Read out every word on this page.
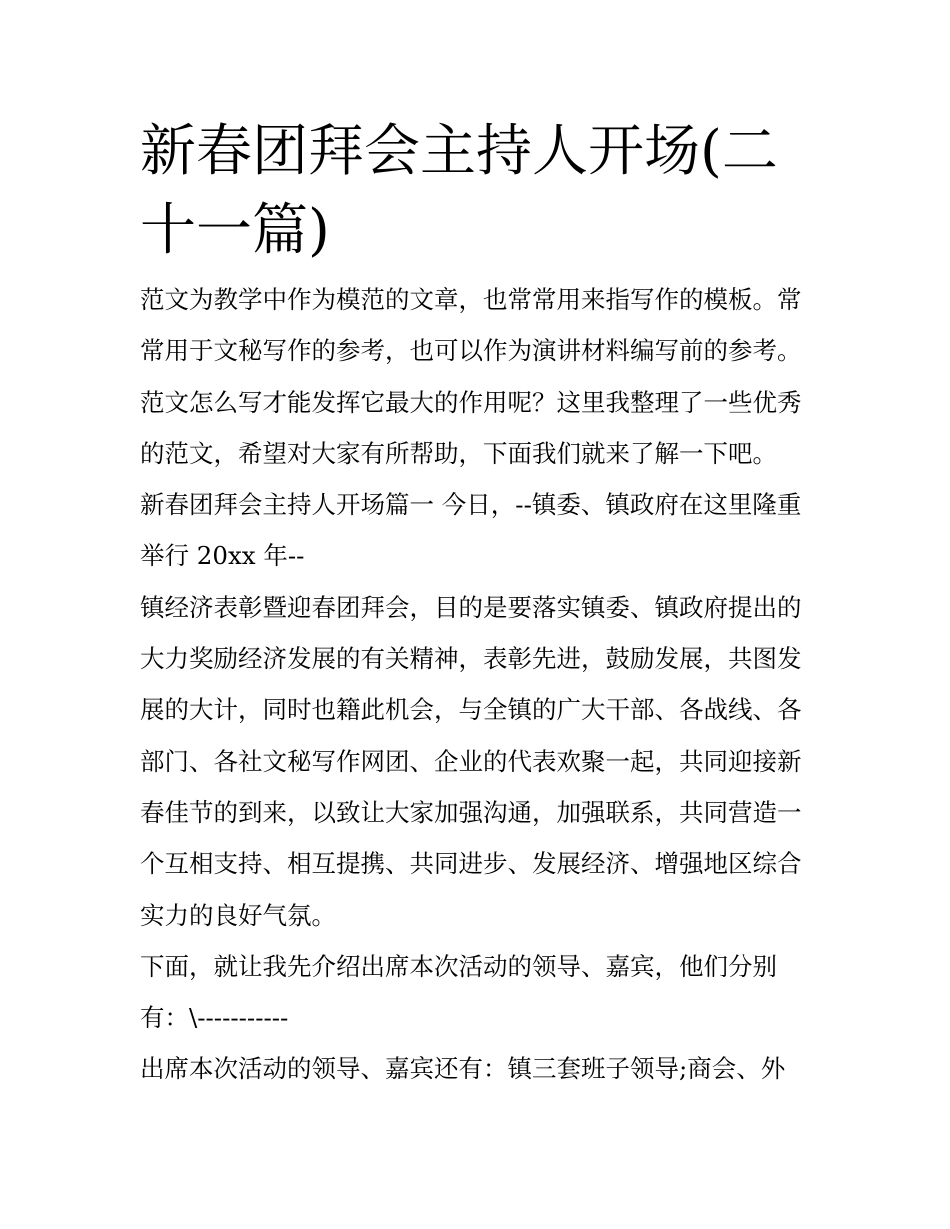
新春团拜会主持人开场(二十一篇)

范文为教学中作为模范的文章，也常常用来指写作的模板。常常用于文秘写作的参考，也可以作为演讲材料编写前的参考。范文怎么写才能发挥它最大的作用呢？这里我整理了一些优秀的范文，希望对大家有所帮助，下面我们就来了解一下吧。

新春团拜会主持人开场篇一 今日，--镇委、镇政府在这里隆重举行 20xx 年--

镇经济表彰暨迎春团拜会，目的是要落实镇委、镇政府提出的大力奖励经济发展的有关精神，表彰先进，鼓励发展，共图发展的大计，同时也籍此机会，与全镇的广大干部、各战线、各部门、各社文秘写作网团、企业的代表欢聚一起，共同迎接新春佳节的到来，以致让大家加强沟通，加强联系，共同营造一个互相支持、相互提携、共同进步、发展经济、增强地区综合实力的良好气氛。

下面，就让我先介绍出席本次活动的领导、嘉宾，他们分别有：\-----------

出席本次活动的领导、嘉宾还有：镇三套班子领导;商会、外
